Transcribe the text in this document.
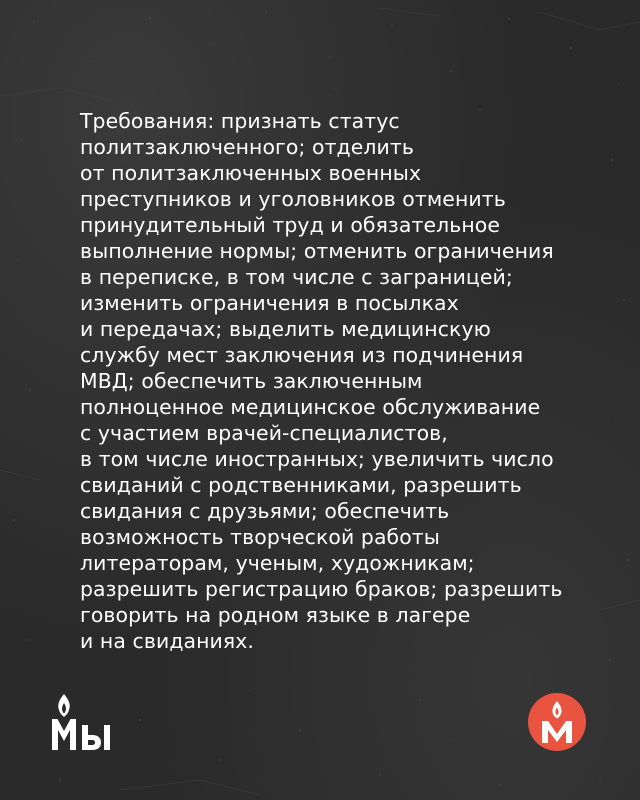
Требования: признать статус
политзаключенного; отделить
от политзаключенных военных
преступников и уголовников отменить
принудительный труд и обязательное
выполнение нормы; отменить ограничения
в переписке, в том числе с заграницей;
изменить ограничения в посылках
и передачах; выделить медицинскую
службу мест заключения из подчинения
МВД; обеспечить заключенным
полноценное медицинское обслуживание
с участием врачей-специалистов,
в том числе иностранных; увеличить число
свиданий с родственниками, разрешить
свидания с друзьями; обеспечить
возможность творческой работы
литераторам, ученым, художникам;
разрешить регистрацию браков; разрешить
говорить на родном языке в лагере
и на свиданиях.
